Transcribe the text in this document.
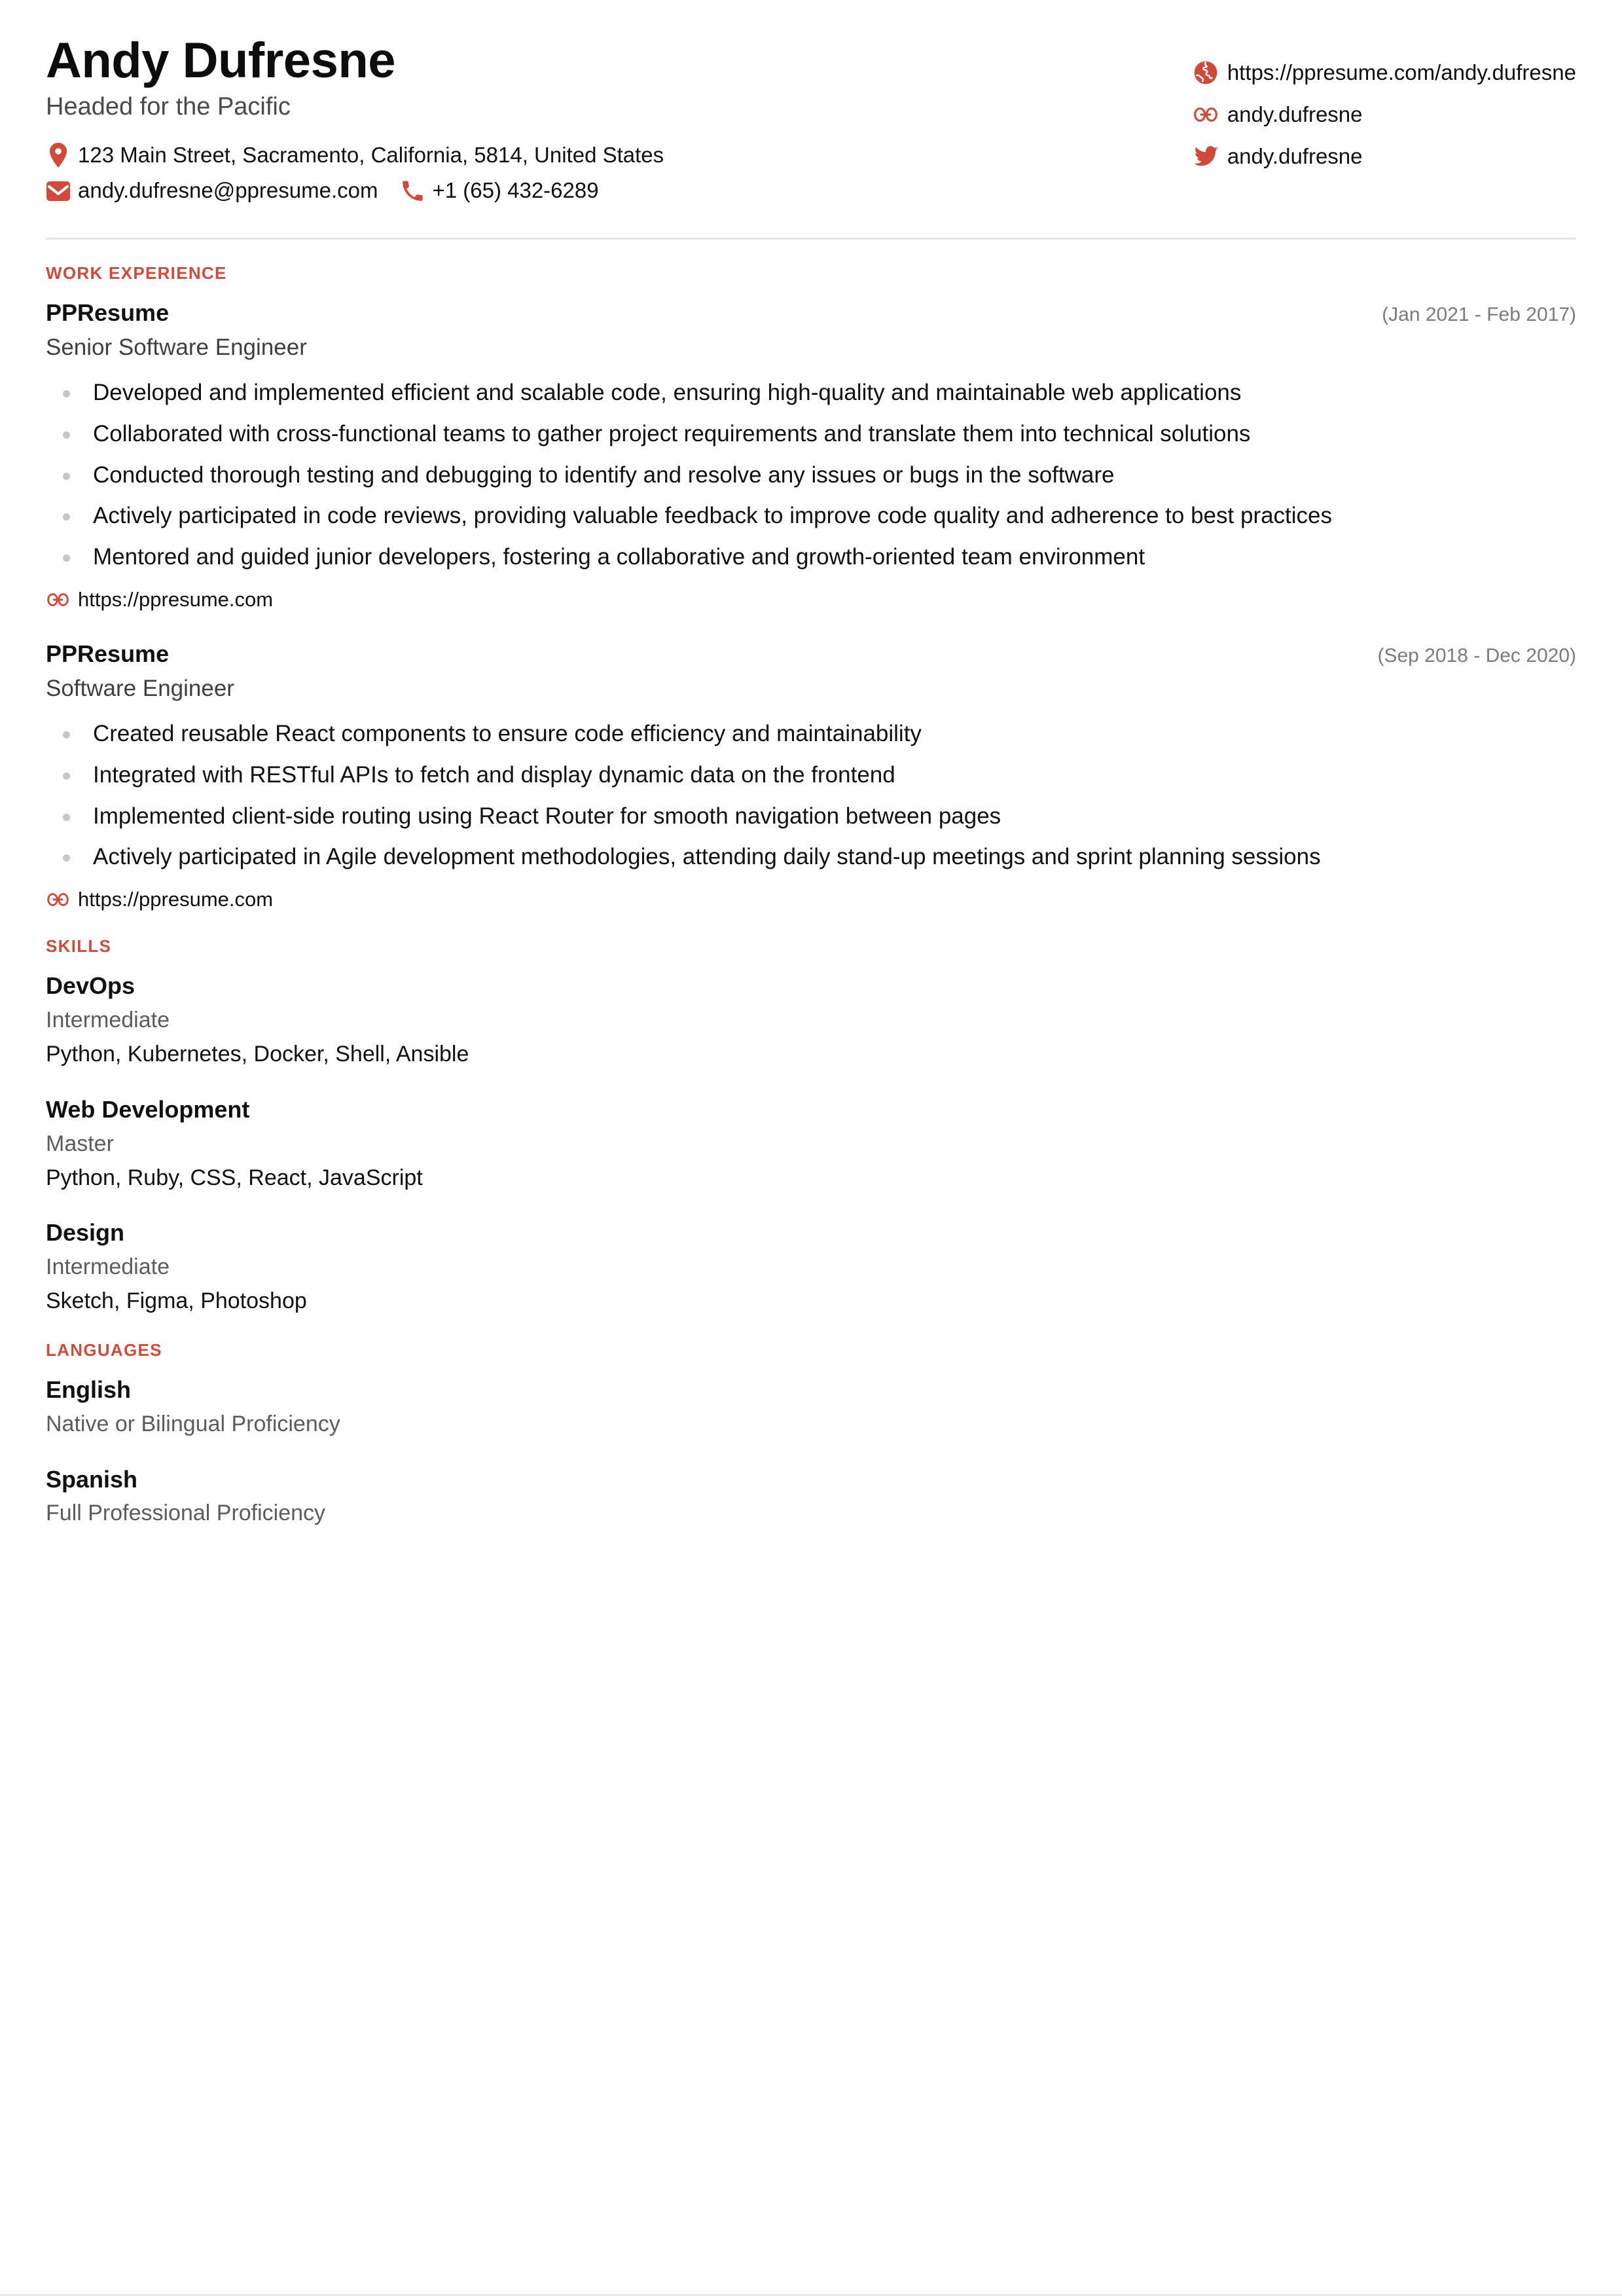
Andy Dufresne
Headed for the Pacific
123 Main Street, Sacramento, California, 5814, United States
andy.dufresne@ppresume.com	+1 (65) 432-6289
https://ppresume.com/andy.dufresne
andy.dufresne
andy.dufresne
WORK EXPERIENCE
PPResume	(Jan 2021 - Feb 2017)
Senior Software Engineer
Developed and implemented efficient and scalable code, ensuring high-quality and maintainable web applications
Collaborated with cross-functional teams to gather project requirements and translate them into technical solutions
Conducted thorough testing and debugging to identify and resolve any issues or bugs in the software
Actively participated in code reviews, providing valuable feedback to improve code quality and adherence to best practices
Mentored and guided junior developers, fostering a collaborative and growth-oriented team environment
https://ppresume.com
PPResume	(Sep 2018 - Dec 2020)
Software Engineer
Created reusable React components to ensure code efficiency and maintainability
Integrated with RESTful APIs to fetch and display dynamic data on the frontend
Implemented client-side routing using React Router for smooth navigation between pages
Actively participated in Agile development methodologies, attending daily stand-up meetings and sprint planning sessions
https://ppresume.com
SKILLS
DevOps
Intermediate
Python, Kubernetes, Docker, Shell, Ansible
Web Development
Master
Python, Ruby, CSS, React, JavaScript
Design
Intermediate
Sketch, Figma, Photoshop
LANGUAGES
English
Native or Bilingual Proficiency
Spanish
Full Professional Proficiency
